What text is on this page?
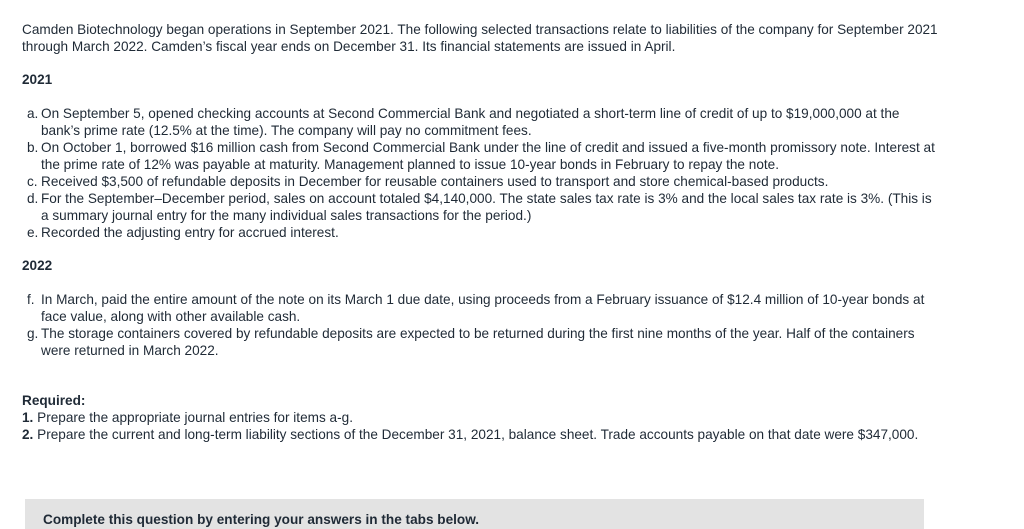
Camden Biotechnology began operations in September 2021. The following selected transactions relate to liabilities of the company for September 2021 through March 2022. Camden’s fiscal year ends on December 31. Its financial statements are issued in April.

2021

a. On September 5, opened checking accounts at Second Commercial Bank and negotiated a short-term line of credit of up to $19,000,000 at the bank’s prime rate (12.5% at the time). The company will pay no commitment fees.
b. On October 1, borrowed $16 million cash from Second Commercial Bank under the line of credit and issued a five-month promissory note. Interest at the prime rate of 12% was payable at maturity. Management planned to issue 10-year bonds in February to repay the note.
c. Received $3,500 of refundable deposits in December for reusable containers used to transport and store chemical-based products.
d. For the September–December period, sales on account totaled $4,140,000. The state sales tax rate is 3% and the local sales tax rate is 3%. (This is a summary journal entry for the many individual sales transactions for the period.)
e. Recorded the adjusting entry for accrued interest.

2022

f. In March, paid the entire amount of the note on its March 1 due date, using proceeds from a February issuance of $12.4 million of 10-year bonds at face value, along with other available cash.
g. The storage containers covered by refundable deposits are expected to be returned during the first nine months of the year. Half of the containers were returned in March 2022.

Required:

1. Prepare the appropriate journal entries for items a-g.

2. Prepare the current and long-term liability sections of the December 31, 2021, balance sheet. Trade accounts payable on that date were $347,000.

Complete this question by entering your answers in the tabs below.
